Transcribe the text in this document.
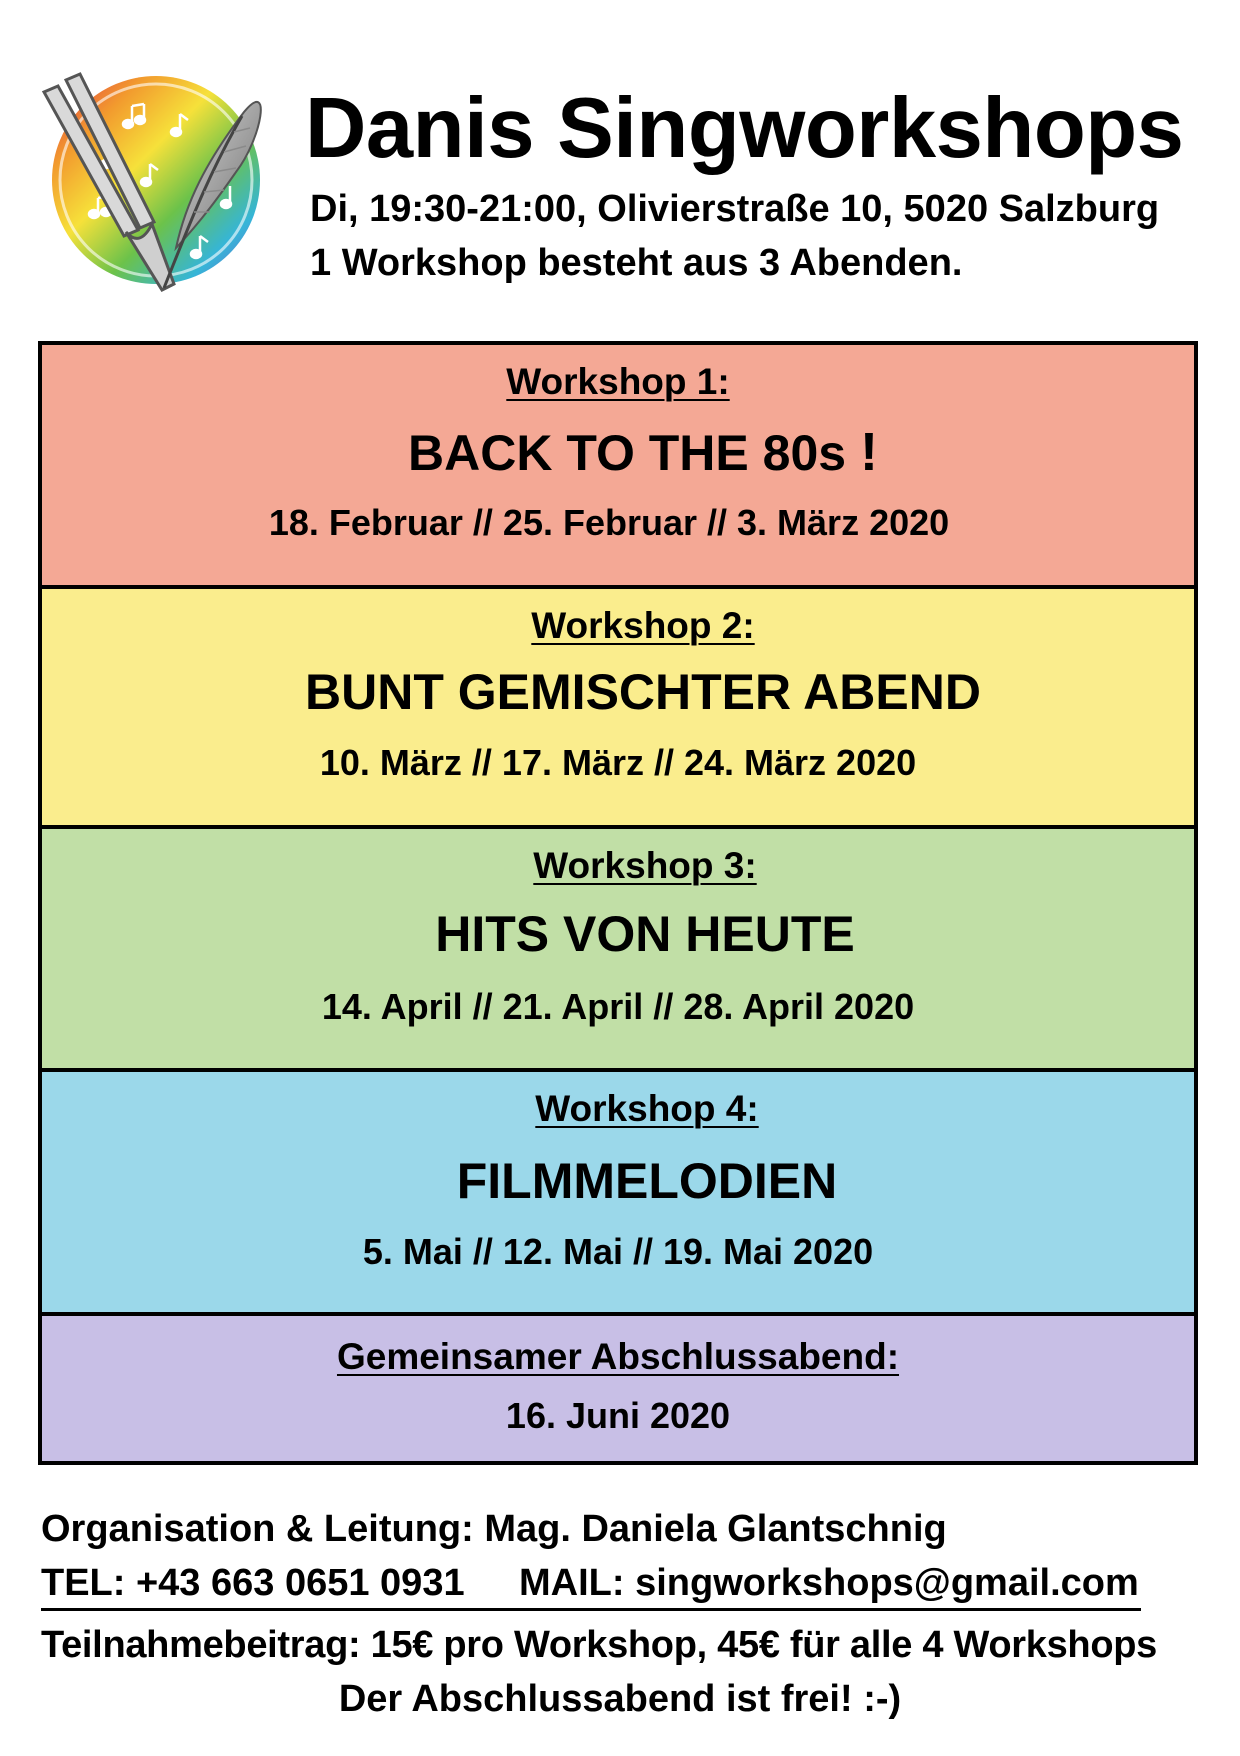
Danis Singworkshops

Di, 19:30-21:00, Olivierstraße 10, 5020 Salzburg

1 Workshop besteht aus 3 Abenden.

Workshop 1:
BACK TO THE 80s !
18. Februar // 25. Februar // 3. März 2020
Workshop 2:
BUNT GEMISCHTER ABEND
10. März // 17. März // 24. März 2020
Workshop 3:
HITS VON HEUTE
14. April // 21. April // 28. April 2020
Workshop 4:
FILMMELODIEN
5. Mai // 12. Mai // 19. Mai 2020
Gemeinsamer Abschlussabend:
16. Juni 2020

Organisation & Leitung: Mag. Daniela Glantschnig

TEL: +43 663 0651 0931 MAIL: singworkshops@gmail.com

Teilnahmebeitrag: 15€ pro Workshop, 45€ für alle 4 Workshops

Der Abschlussabend ist frei! :-)
